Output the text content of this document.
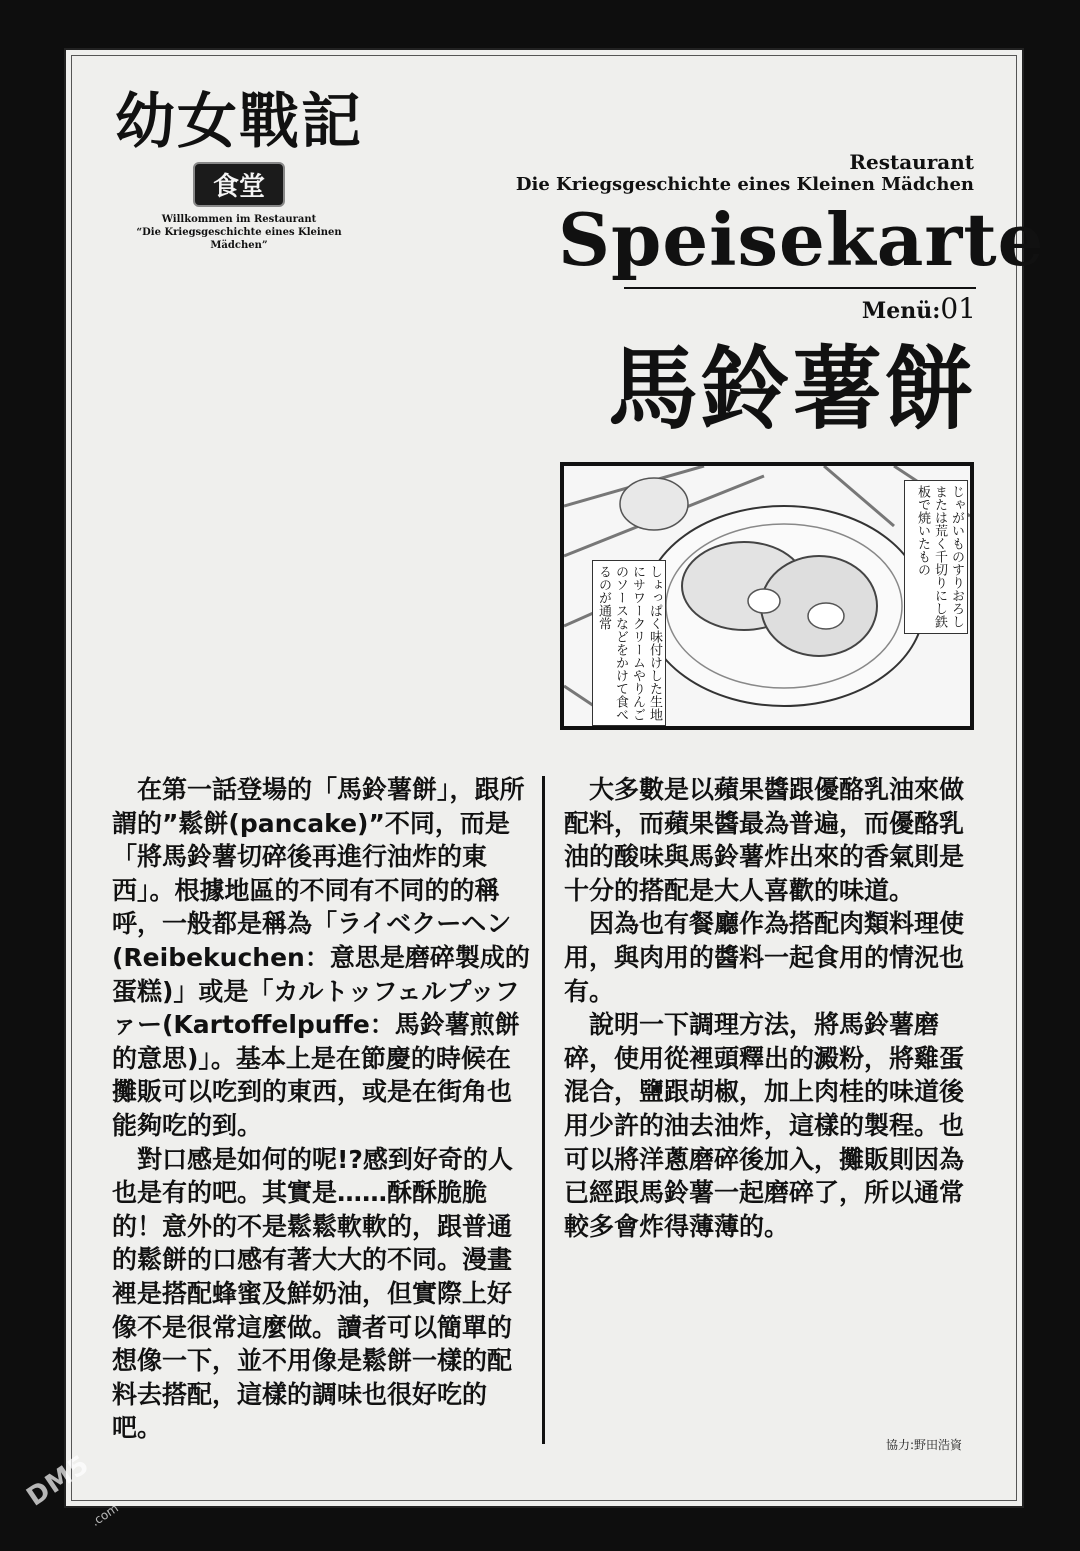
幼女戰記
食堂
Willkommen im Restaurant
“Die Kriegsgeschichte eines Kleinen Mädchen”
Restaurant
Die Kriegsgeschichte eines Kleinen Mädchen
Speisekarte
Menü:01
馬鈴薯餅
じゃがいものすりおろしまたは荒く千切りにし鉄板で焼いたもの
しょっぱく味付けした生地にサワークリームやりんごのソースなどをかけて食べるのが通常

　在第一話登場的「馬鈴薯餅」，跟所謂的”鬆餅(pancake)”不同，而是「將馬鈴薯切碎後再進行油炸的東西」。根據地區的不同有不同的的稱呼，一般都是稱為「ライベクーヘン(Reibekuchen：意思是磨碎製成的蛋糕)」或是「カルトッフェルプッファー(Kartoffelpuffe：馬鈴薯煎餅的意思)」。基本上是在節慶的時候在攤販可以吃到的東西，或是在街角也能夠吃的到。

　對口感是如何的呢!?感到好奇的人也是有的吧。其實是……酥酥脆脆的！意外的不是鬆鬆軟軟的，跟普通的鬆餅的口感有著大大的不同。漫畫裡是搭配蜂蜜及鮮奶油，但實際上好像不是很常這麼做。讀者可以簡單的想像一下，並不用像是鬆餅一樣的配料去搭配，這樣的調味也很好吃的吧。

　大多數是以蘋果醬跟優酪乳油來做配料，而蘋果醬最為普遍，而優酪乳油的酸味與馬鈴薯炸出來的香氣則是十分的搭配是大人喜歡的味道。

　因為也有餐廳作為搭配肉類料理使用，與肉用的醬料一起食用的情況也有。

　說明一下調理方法，將馬鈴薯磨碎，使用從裡頭釋出的澱粉，將雞蛋混合，鹽跟胡椒，加上肉桂的味道後用少許的油去油炸，這樣的製程。也可以將洋蔥磨碎後加入，攤販則因為已經跟馬鈴薯一起磨碎了，所以通常較多會炸得薄薄的。

協力:野田浩資
DM5
.com
